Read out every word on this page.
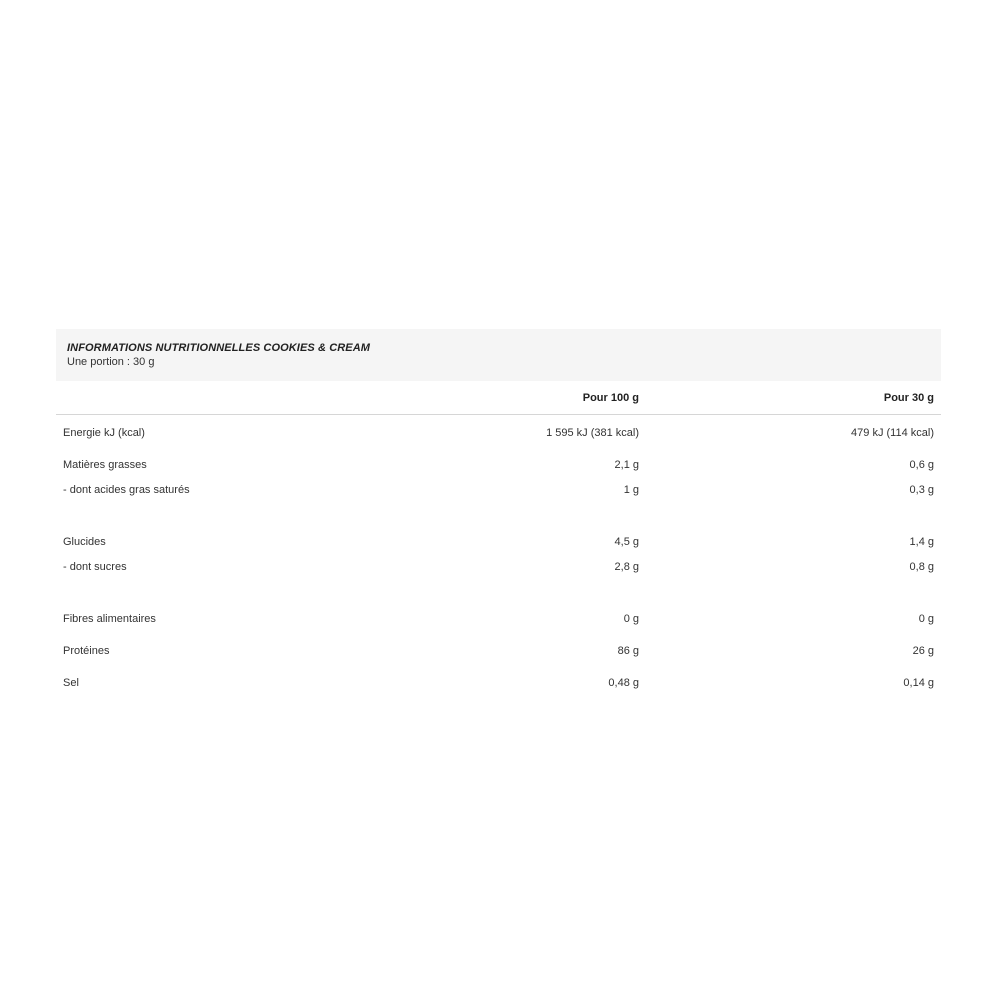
INFORMATIONS NUTRITIONNELLES COOKIES & CREAM
Une portion : 30 g
	Pour 100 g	Pour 30 g
Energie kJ (kcal)	1 595 kJ (381 kcal)	479 kJ (114 kcal)
Matières grasses	2,1 g	0,6 g
- dont acides gras saturés	1 g	0,3 g

Glucides	4,5 g	1,4 g
- dont sucres	2,8 g	0,8 g

Fibres alimentaires	0 g	0 g
Protéines	86 g	26 g
Sel	0,48 g	0,14 g
